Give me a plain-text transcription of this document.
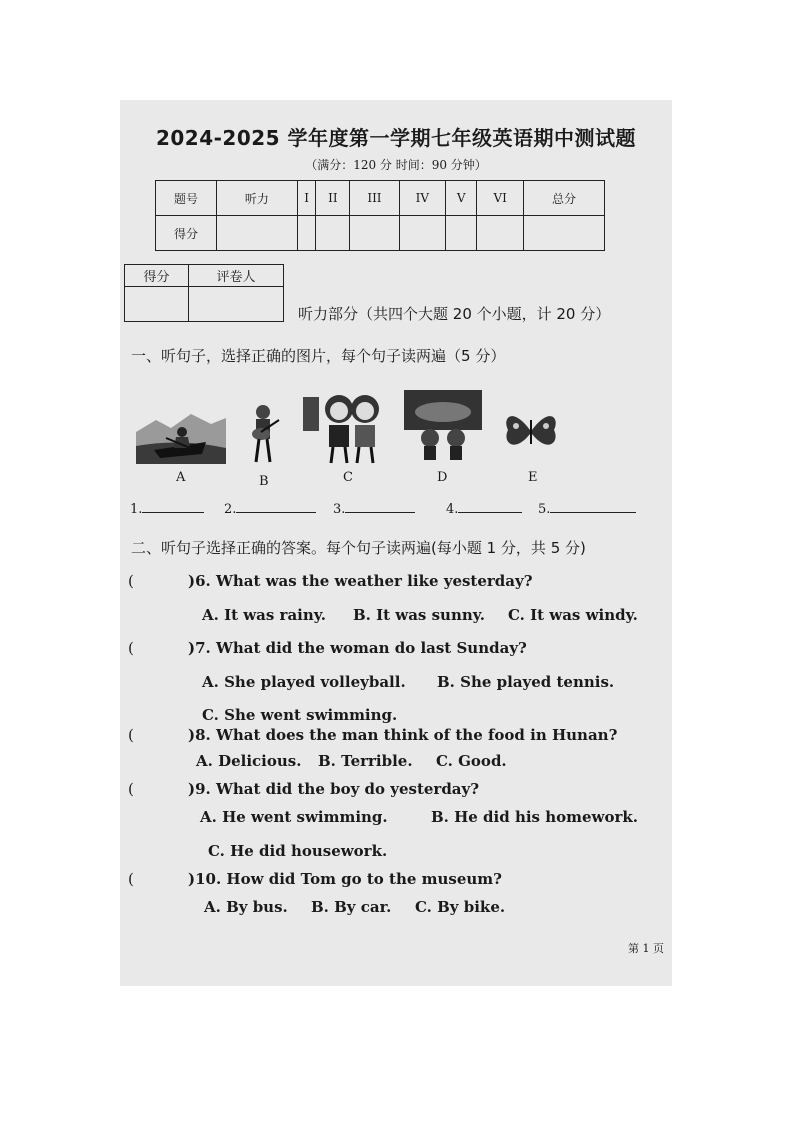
2024-2025 学年度第一学期七年级英语期中测试题
（满分：120 分 时间：90 分钟）
题号	听力	I	II	III	IV	V	VI	总分
得分								
得分	评卷人

听力部分（共四个大题 20 个小题，计 20 分）
一、听句子，选择正确的图片，每个句子读两遍（5 分）
A	B	C	D	E
1.	2.	3.	4.	5.
二、听句子选择正确的答案。每个句子读两遍(每小题 1 分，共 5 分)
(	)6. What was the weather like yesterday?
A. It was rainy. B. It was sunny. C. It was windy.
(	)7. What did the woman do last Sunday?
A. She played volleyball. B. She played tennis.
C. She went swimming.
(	)8. What does the man think of the food in Hunan?
A. Delicious. B. Terrible. C. Good.
(	)9. What did the boy do yesterday?
A. He went swimming.	B. He did his homework.
C. He did housework.
(	)10. How did Tom go to the museum?
A. By bus. B. By car. C. By bike.
第 1 页
